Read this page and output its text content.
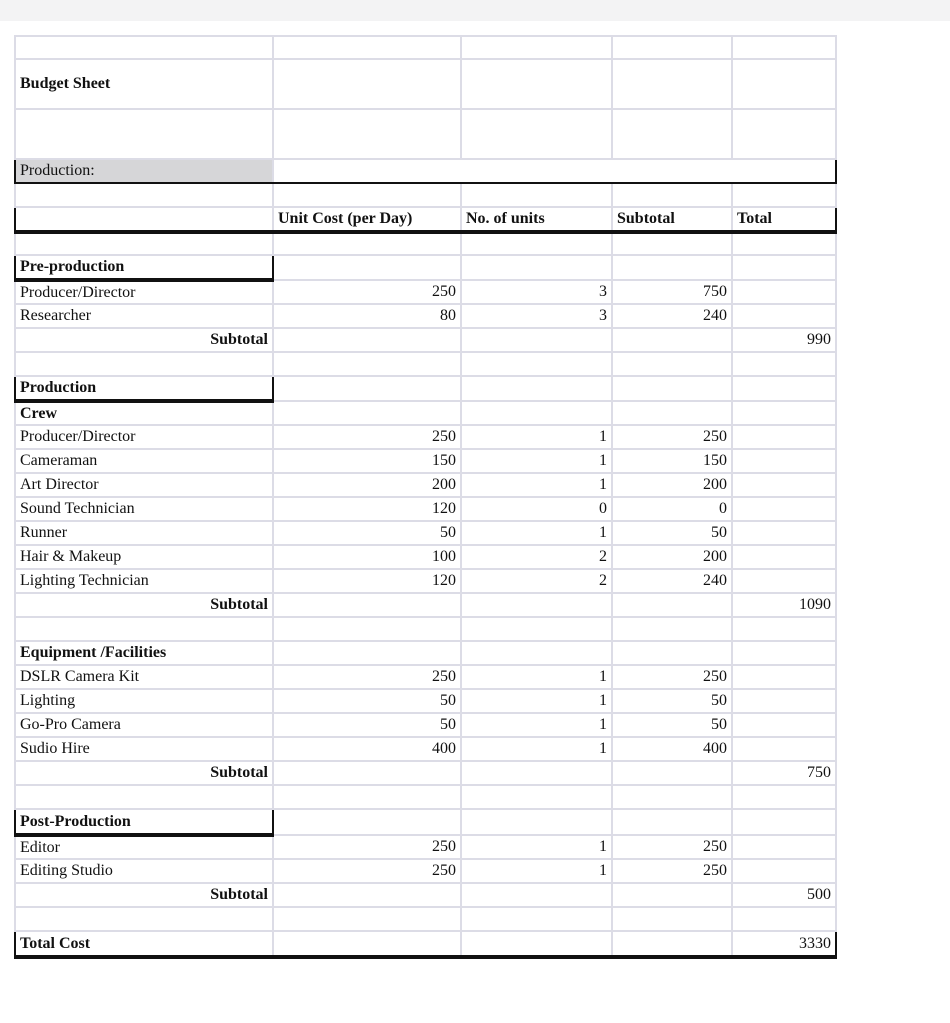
Budget Sheet				

Production:				

	Unit Cost (per Day)	No. of units	Subtotal	Total

Pre-production				
Producer/Director	250	3	750	
Researcher	80	3	240	
Subtotal				990

Production				
Crew				
Producer/Director	250	1	250	
Cameraman	150	1	150	
Art Director	200	1	200	
Sound Technician	120	0	0	
Runner	50	1	50	
Hair & Makeup	100	2	200	
Lighting Technician	120	2	240	
Subtotal				1090

Equipment /Facilities				
DSLR Camera Kit	250	1	250	
Lighting	50	1	50	
Go-Pro Camera	50	1	50	
Sudio Hire	400	1	400	
Subtotal				750

Post-Production				
Editor	250	1	250	
Editing Studio	250	1	250	
Subtotal				500

Total Cost				3330
